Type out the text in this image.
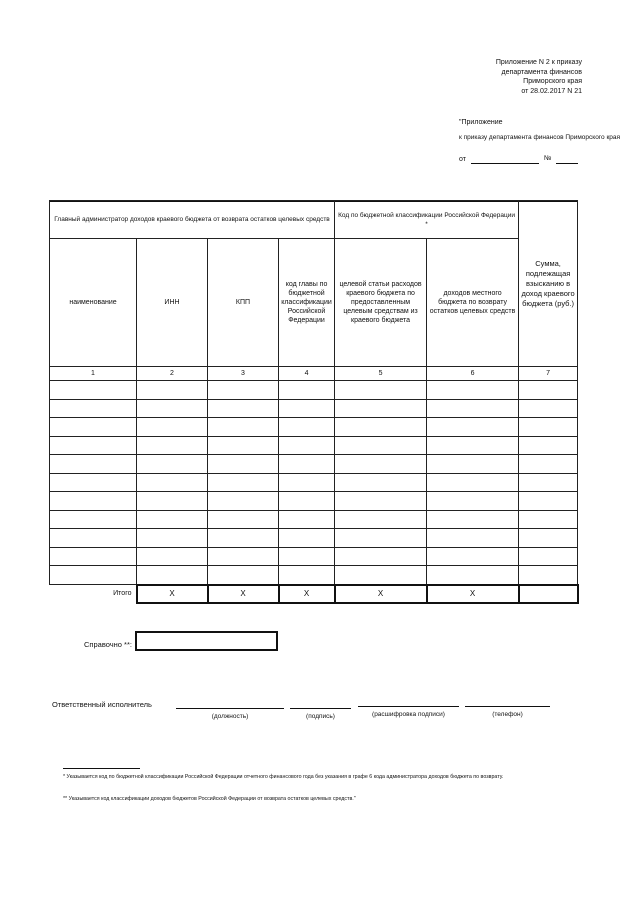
Приложение N 2 к приказу
департамента финансов
Приморского края
от 28.02.2017 N 21
"Приложение
к приказу департамента финансов Приморского края
от	№
Главный администратор доходов краевого бюджета от возврата остатков целевых средств				Код по бюджетной классификации Российской Федерации *		Сумма, подлежащая взысканию в доход краевого бюджета (руб.)
наименование	ИНН	КПП	код главы по бюджетной классификации Российской Федерации	целевой статьи расходов краевого бюджета по предоставленным целевым средствам из краевого бюджета	доходов местного бюджета по возврату остатков целевых средств	
1	2	3	4	5	6	7

Итого	X	X	X	X	X	
Справочно **:
Ответственный исполнитель
(должность)	(подпись)	(расшифровка подписи)	(телефон)
* Указывается код по бюджетной классификации Российской Федерации отчетного финансового года без указания в графе 6 кода администратора доходов бюджета по возврату.
** Указывается код классификации доходов бюджетов Российской Федерации от возврата остатков целевых средств."
